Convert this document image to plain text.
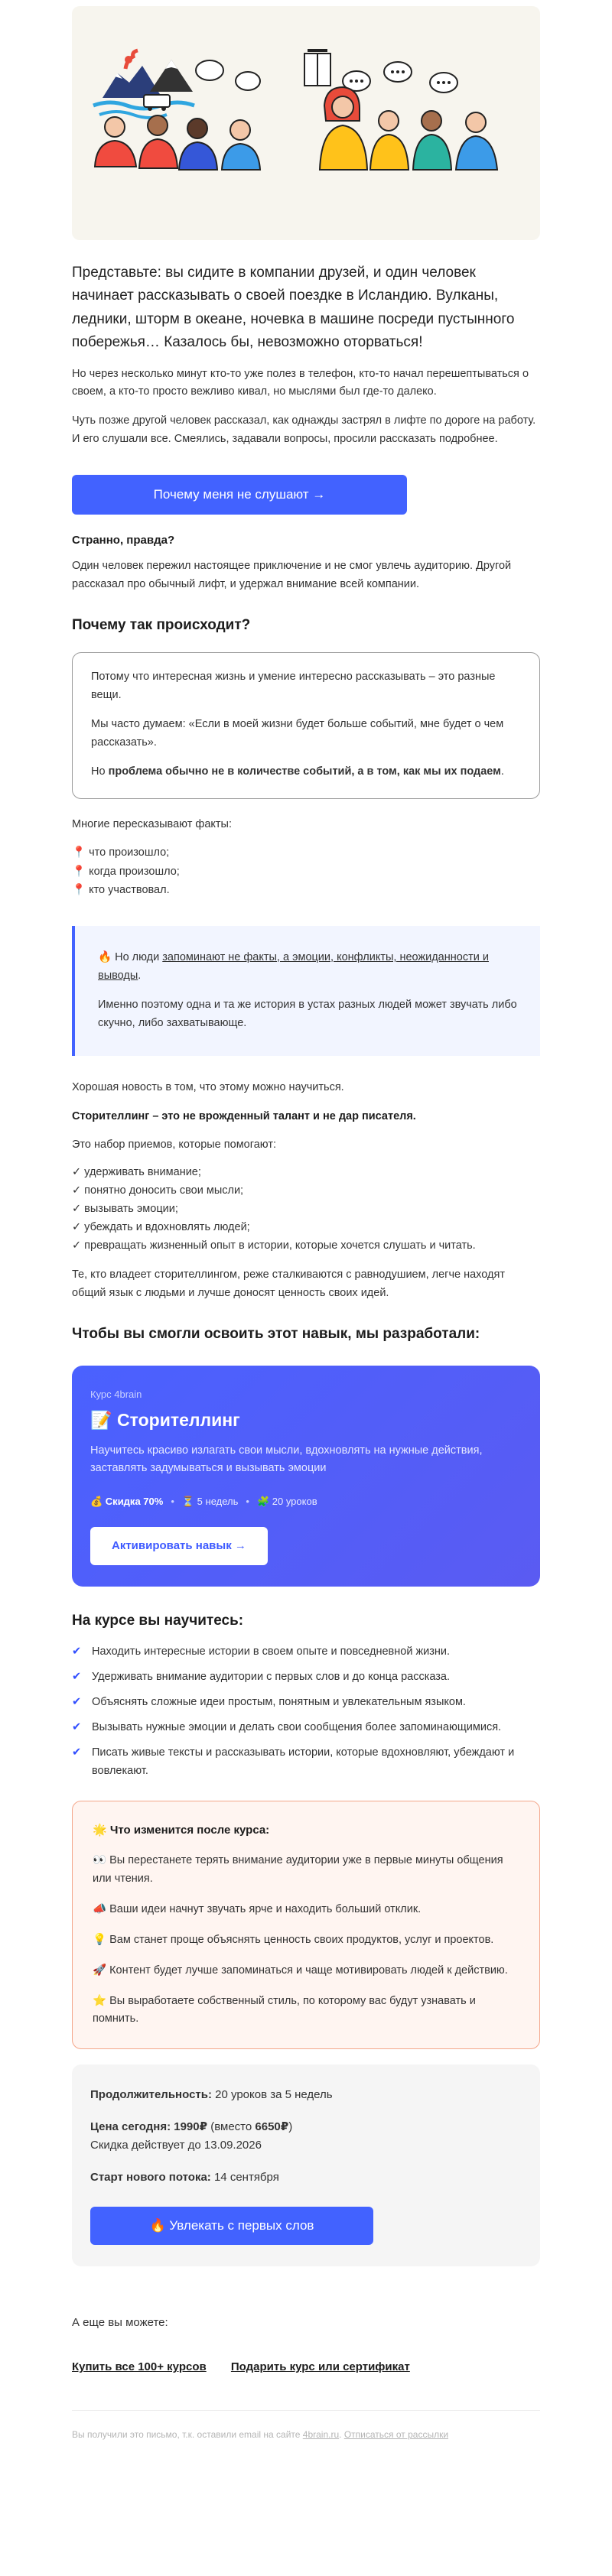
Представьте: вы сидите в компании друзей, и один человек начинает рассказывать о своей поездке в Исландию. Вулканы, ледники, шторм в океане, ночевка в машине посреди пустынного побережья… Казалось бы, невозможно оторваться!

Но через несколько минут кто-то уже полез в телефон, кто-то начал перешептываться о своем, а кто-то просто вежливо кивал, но мыслями был где-то далеко.

Чуть позже другой человек рассказал, как однажды застрял в лифте по дороге на работу. И его слушали все. Смеялись, задавали вопросы, просили рассказать подробнее.

Почему меня не слушают →
Странно, правда?

Один человек пережил настоящее приключение и не смог увлечь аудиторию. Другой рассказал про обычный лифт, и удержал внимание всей компании.

Почему так происходит?

Потому что интересная жизнь и умение интересно рассказывать – это разные вещи.

Мы часто думаем: «Если в моей жизни будет больше событий, мне будет о чем рассказать».

Но проблема обычно не в количестве событий, а в том, как мы их подаем.

Многие пересказывают факты:

📍 что произошло;
📍 когда произошло;
📍 кто участвовал.

🔥 Но люди запоминают не факты, а эмоции, конфликты, неожиданности и выводы.

Именно поэтому одна и та же история в устах разных людей может звучать либо скучно, либо захватывающе.

Хорошая новость в том, что этому можно научиться.

Сторителлинг – это не врожденный талант и не дар писателя.

Это набор приемов, которые помогают:

✓ удерживать внимание;
✓ понятно доносить свои мысли;
✓ вызывать эмоции;
✓ убеждать и вдохновлять людей;
✓ превращать жизненный опыт в истории, которые хочется слушать и читать.

Те, кто владеет сторителлингом, реже сталкиваются с равнодушием, легче находят общий язык с людьми и лучше доносят ценность своих идей.

Чтобы вы смогли освоить этот навык, мы разработали:
Курс 4brain
📝 Сторителлинг
Научитесь красиво излагать свои мысли, вдохновлять на нужные действия, заставлять задумываться и вызывать эмоции
💰 Скидка 70% • ⏳ 5 недель • 🧩 20 уроков
Активировать навык →
На курсе вы научитесь:
✔ Находить интересные истории в своем опыте и повседневной жизни.
✔ Удерживать внимание аудитории с первых слов и до конца рассказа.
✔ Объяснять сложные идеи простым, понятным и увлекательным языком.
✔ Вызывать нужные эмоции и делать свои сообщения более запоминающимися.
✔ Писать живые тексты и рассказывать истории, которые вдохновляют, убеждают и вовлекают.
🌟 Что изменится после курса:

👀 Вы перестанете терять внимание аудитории уже в первые минуты общения или чтения.

📣 Ваши идеи начнут звучать ярче и находить больший отклик.

💡 Вам станет проще объяснять ценность своих продуктов, услуг и проектов.

🚀 Контент будет лучше запоминаться и чаще мотивировать людей к действию.

⭐ Вы выработаете собственный стиль, по которому вас будут узнавать и помнить.

Продолжительность: 20 уроков за 5 недель

Цена сегодня: 1990₽ (вместо 6650₽)
Скидка действует до 13.09.2026

Старт нового потока: 14 сентября

🔥 Увлекать с первых слов

А еще вы можете:

Купить все 100+ курсов Подарить курс или сертификат
Вы получили это письмо, т.к. оставили email на сайте 4brain.ru. Отписаться от рассылки
